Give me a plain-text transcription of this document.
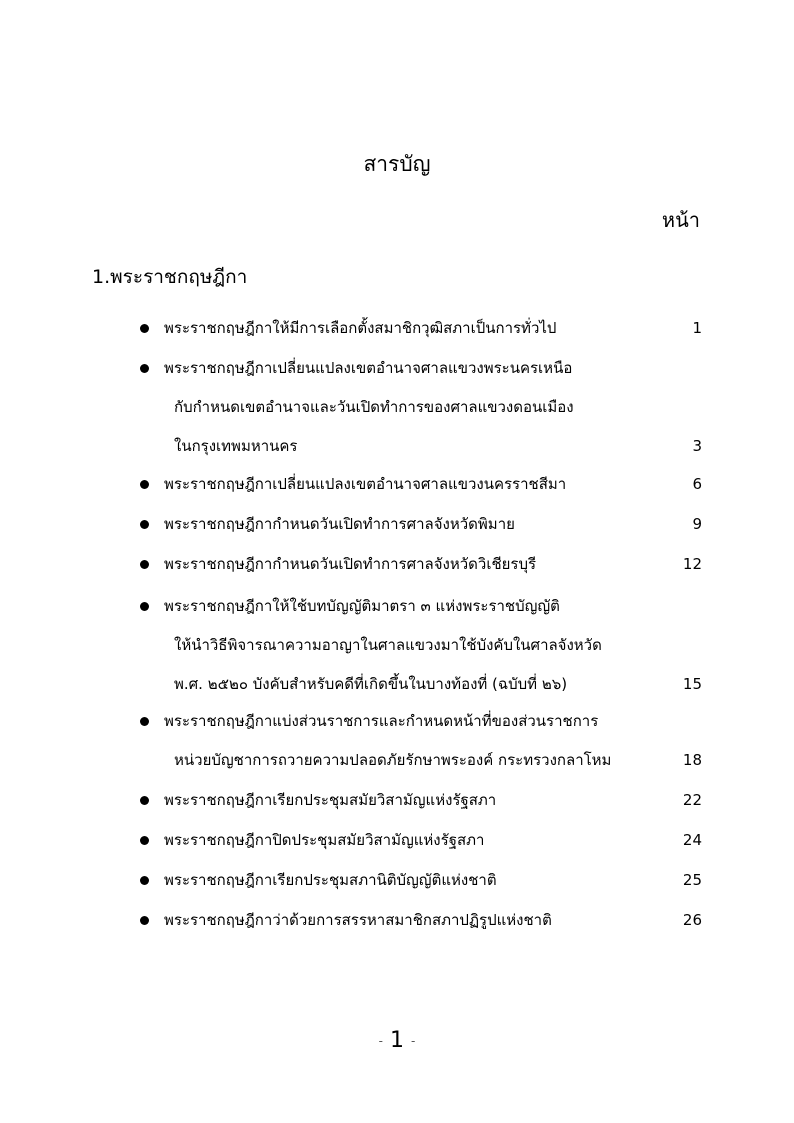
สารบัญ
หน้า
1.พระราชกฤษฎีกา
พระราชกฤษฎีกาให้มีการเลือกตั้งสมาชิกวุฒิสภาเป็นการทั่วไป	1
พระราชกฤษฎีกาเปลี่ยนแปลงเขตอำนาจศาลแขวงพระนครเหนือ
กับกำหนดเขตอำนาจและวันเปิดทำการของศาลแขวงดอนเมือง
ในกรุงเทพมหานคร	3
พระราชกฤษฎีกาเปลี่ยนแปลงเขตอำนาจศาลแขวงนครราชสีมา	6
พระราชกฤษฎีกากำหนดวันเปิดทำการศาลจังหวัดพิมาย	9
พระราชกฤษฎีกากำหนดวันเปิดทำการศาลจังหวัดวิเชียรบุรี	12
พระราชกฤษฎีกาให้ใช้บทบัญญัติมาตรา ๓ แห่งพระราชบัญญัติ
ให้นำวิธีพิจารณาความอาญาในศาลแขวงมาใช้บังคับในศาลจังหวัด
พ.ศ. ๒๕๒๐ บังคับสำหรับคดีที่เกิดขึ้นในบางท้องที่ (ฉบับที่ ๒๖)	15
พระราชกฤษฎีกาแบ่งส่วนราชการและกำหนดหน้าที่ของส่วนราชการ
หน่วยบัญชาการถวายความปลอดภัยรักษาพระองค์ กระทรวงกลาโหม	18
พระราชกฤษฎีกาเรียกประชุมสมัยวิสามัญแห่งรัฐสภา	22
พระราชกฤษฎีกาปิดประชุมสมัยวิสามัญแห่งรัฐสภา	24
พระราชกฤษฎีกาเรียกประชุมสภานิติบัญญัติแห่งชาติ	25
พระราชกฤษฎีกาว่าด้วยการสรรหาสมาชิกสภาปฏิรูปแห่งชาติ	26
- 1 -
